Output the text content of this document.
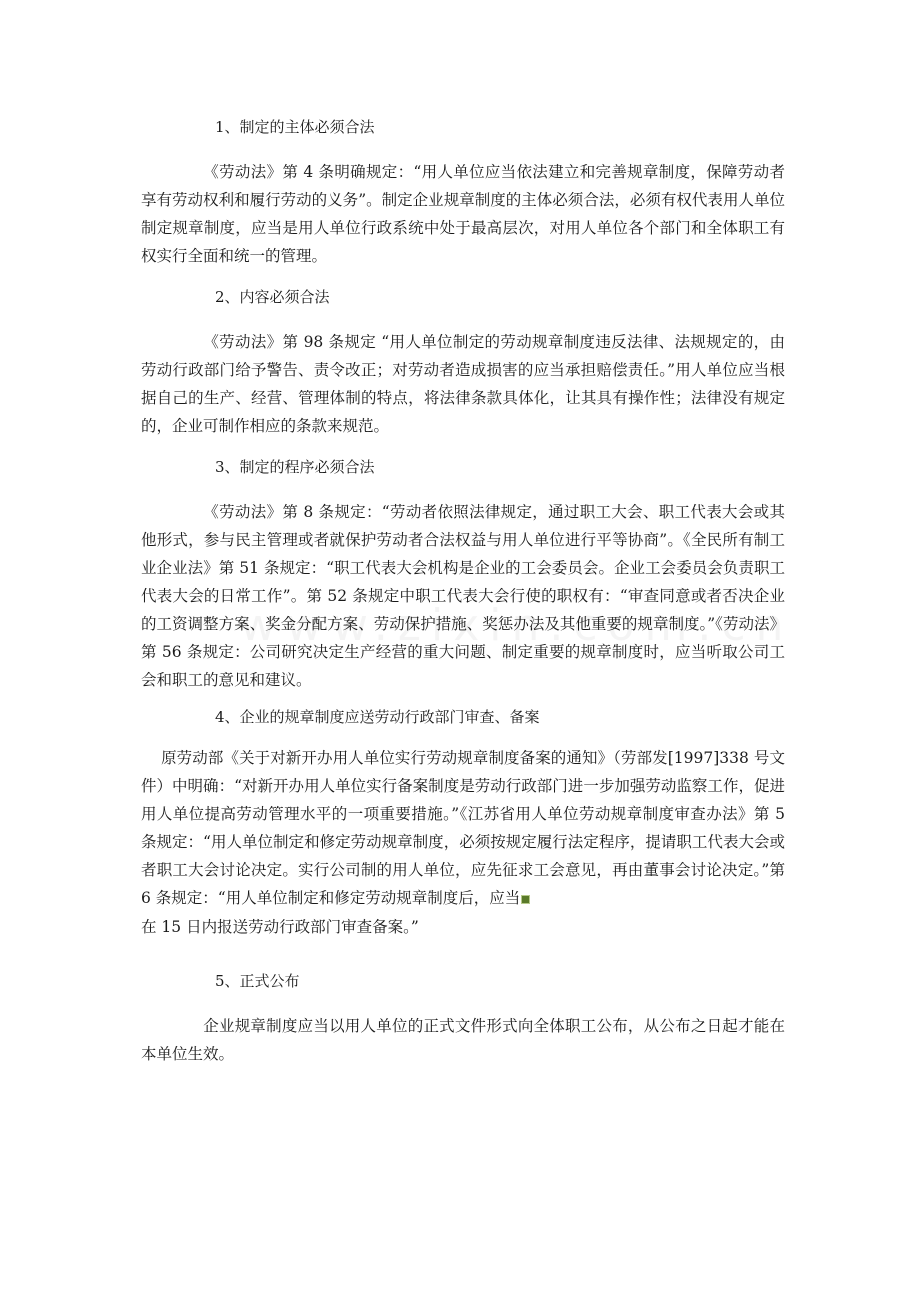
1、制定的主体必须合法
《劳动法》第 4 条明确规定：“用人单位应当依法建立和完善规章制度，保障劳动者享有劳动权利和履行劳动的义务”。制定企业规章制度的主体必须合法，必须有权代表用人单位制定规章制度，应当是用人单位行政系统中处于最高层次，对用人单位各个部门和全体职工有权实行全面和统一的管理。
2、内容必须合法
《劳动法》第 98 条规定 “用人单位制定的劳动规章制度违反法律、法规规定的，由劳动行政部门给予警告、责令改正；对劳动者造成损害的应当承担赔偿责任。”用人单位应当根据自己的生产、经营、管理体制的特点，将法律条款具体化，让其具有操作性；法律没有规定的，企业可制作相应的条款来规范。
3、制定的程序必须合法
《劳动法》第 8 条规定：“劳动者依照法律规定，通过职工大会、职工代表大会或其他形式，参与民主管理或者就保护劳动者合法权益与用人单位进行平等协商”。《全民所有制工业企业法》第 51 条规定：“职工代表大会机构是企业的工会委员会。企业工会委员会负责职工代表大会的日常工作”。第 52 条规定中职工代表大会行使的职权有：“审查同意或者否决企业的工资调整方案、奖金分配方案、劳动保护措施、奖惩办法及其他重要的规章制度。”《劳动法》第 56 条规定：公司研究决定生产经营的重大问题、制定重要的规章制度时，应当听取公司工会和职工的意见和建议。
4、企业的规章制度应送劳动行政部门审查、备案
原劳动部《关于对新开办用人单位实行劳动规章制度备案的通知》（劳部发[1997]338 号文件）中明确：“对新开办用人单位实行备案制度是劳动行政部门进一步加强劳动监察工作，促进用人单位提高劳动管理水平的一项重要措施。”《江苏省用人单位劳动规章制度审查办法》第 5 条规定：“用人单位制定和修定劳动规章制度，必须按规定履行法定程序，提请职工代表大会或者职工大会讨论决定。实行公司制的用人单位，应先征求工会意见，再由董事会讨论决定。”第 6 条规定：“用人单位制定和修定劳动规章制度后，应当
在 15 日内报送劳动行政部门审查备案。”
5、正式公布
企业规章制度应当以用人单位的正式文件形式向全体职工公布，从公布之日起才能在本单位生效。
